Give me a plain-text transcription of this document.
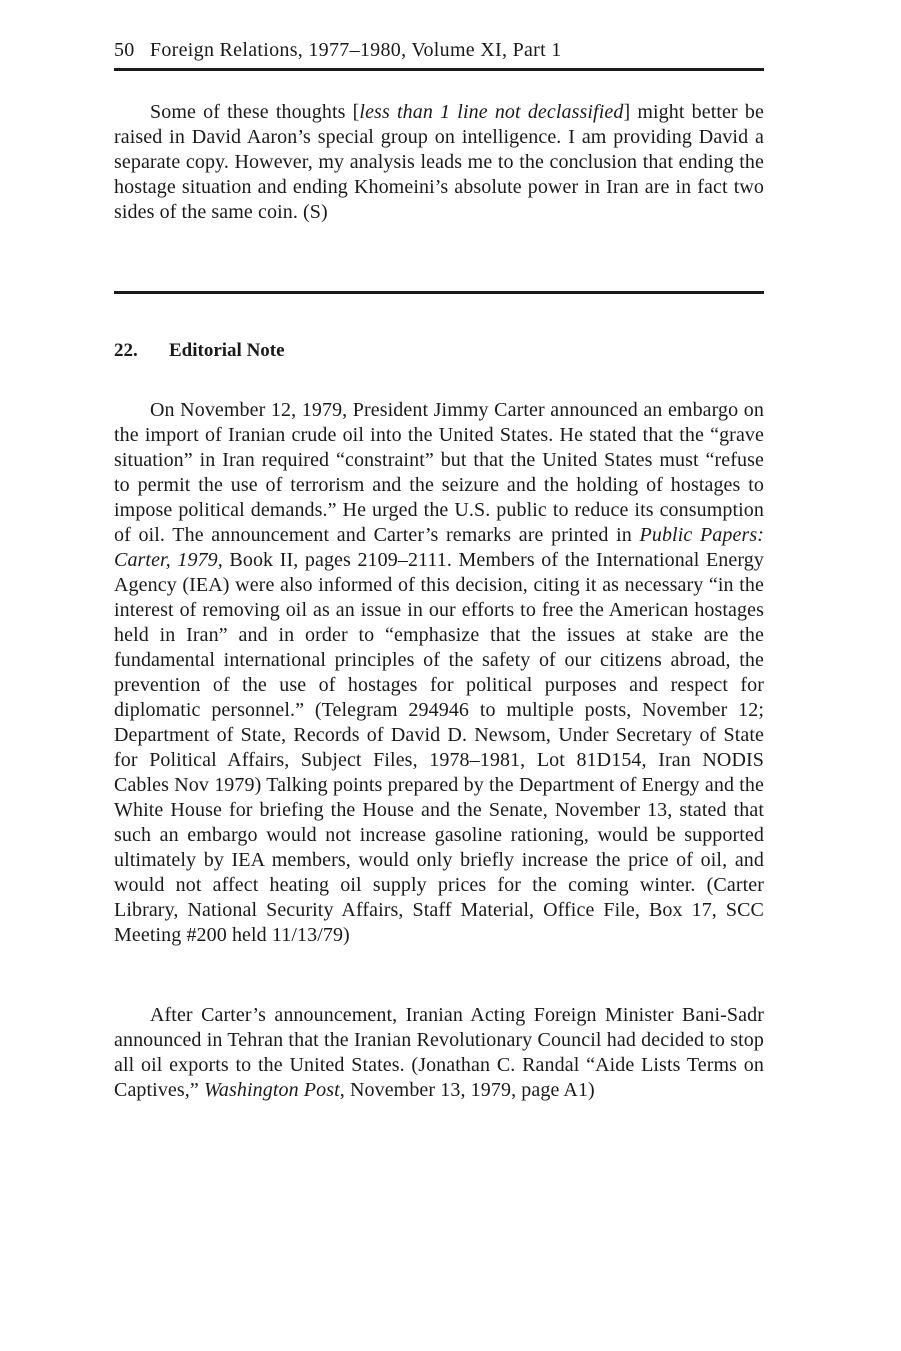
50 Foreign Relations, 1977–1980, Volume XI, Part 1

Some of these thoughts [less than 1 line not declassified] might better be raised in David Aaron’s special group on intelligence. I am providing David a separate copy. However, my analysis leads me to the conclusion that ending the hostage situation and ending Khomeini’s absolute power in Iran are in fact two sides of the same coin. (S)

22. Editorial Note

On November 12, 1979, President Jimmy Carter announced an embargo on the import of Iranian crude oil into the United States. He stated that the “grave situation” in Iran required “constraint” but that the United States must “refuse to permit the use of terrorism and the seizure and the holding of hostages to impose political demands.” He urged the U.S. public to reduce its consumption of oil. The announcement and Carter’s remarks are printed in Public Papers: Carter, 1979, Book II, pages 2109–2111. Members of the International Energy Agency (IEA) were also informed of this decision, citing it as necessary “in the interest of removing oil as an issue in our efforts to free the American hostages held in Iran” and in order to “emphasize that the issues at stake are the fundamental international principles of the safety of our citizens abroad, the prevention of the use of hostages for political purposes and respect for diplomatic personnel.” (Telegram 294946 to multiple posts, November 12; Department of State, Records of David D. Newsom, Under Secretary of State for Political Affairs, Subject Files, 1978–1981, Lot 81D154, Iran NODIS Cables Nov 1979) Talking points prepared by the Department of Energy and the White House for briefing the House and the Senate, November 13, stated that such an embargo would not increase gasoline rationing, would be supported ultimately by IEA members, would only briefly increase the price of oil, and would not affect heating oil supply prices for the coming winter. (Carter Library, National Security Affairs, Staff Material, Office File, Box 17, SCC Meeting #200 held 11/13/79)

After Carter’s announcement, Iranian Acting Foreign Minister Bani-Sadr announced in Tehran that the Iranian Revolutionary Council had decided to stop all oil exports to the United States. (Jonathan C. Randal “Aide Lists Terms on Captives,” Washington Post, November 13, 1979, page A1)
